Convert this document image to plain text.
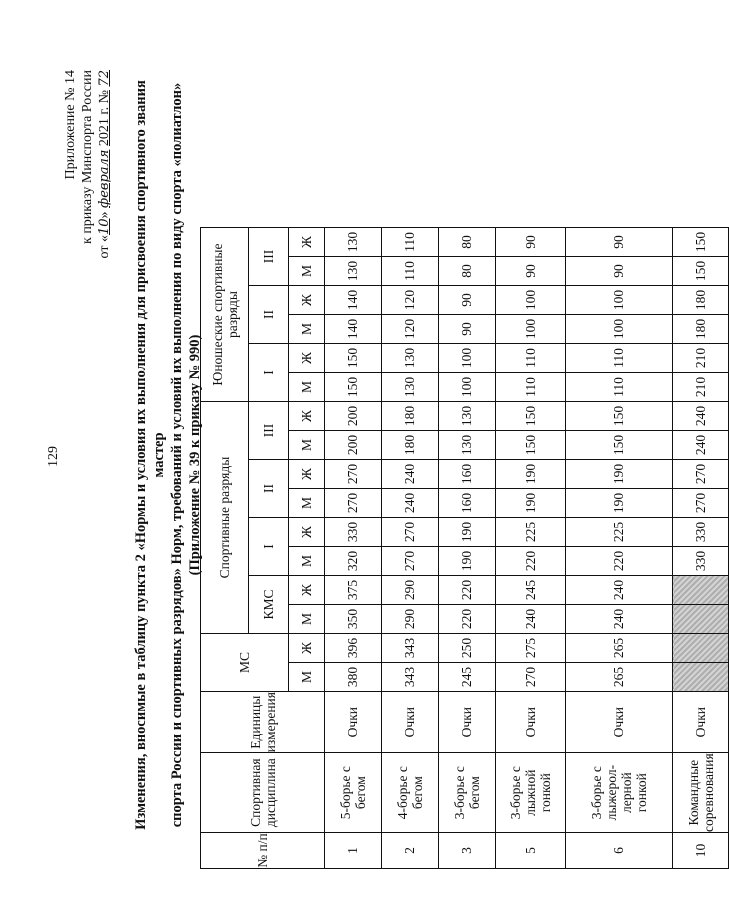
129
Приложение № 14 к приказу Минспорта России
от «10» февраля 2021 г. № 72
Изменения, вносимые в таблицу пункта 2 «Нормы и условия их выполнения для присвоения спортивного звания мастер спорта России и спортивных разрядов» Норм, требований и условий их выполнения по виду спорта «полиатлон» (Приложение № 39 к приказу № 990)
№ п/п	Спортивная дисциплина	Единицы измерения	МС		Спортивные разряды								Юношеские спортивные разряды					
					КМС		I		II		III		I		II		III	
			М	Ж	М	Ж	М	Ж	М	Ж	М	Ж	М	Ж	М	Ж	М	Ж
1	5-борье с бегом	Очки	380	396	350	375	320	330	270	270	200	200	150	150	140	140	130	130
2	4-борье с бегом	Очки	343	343	290	290	270	270	240	240	180	180	130	130	120	120	110	110
3	3-борье с бегом	Очки	245	250	220	220	190	190	160	160	130	130	100	100	90	90	80	80
5	3-борье с лыжной гонкой	Очки	270	275	240	245	220	225	190	190	150	150	110	110	100	100	90	90
6	3-борье с лыжерол-лерной гонкой	Очки	265	265	240	240	220	225	190	190	150	150	110	110	100	100	90	90
10	Командные соревнования	Очки					330	330	270	270	240	240	210	210	180	180	150	150
